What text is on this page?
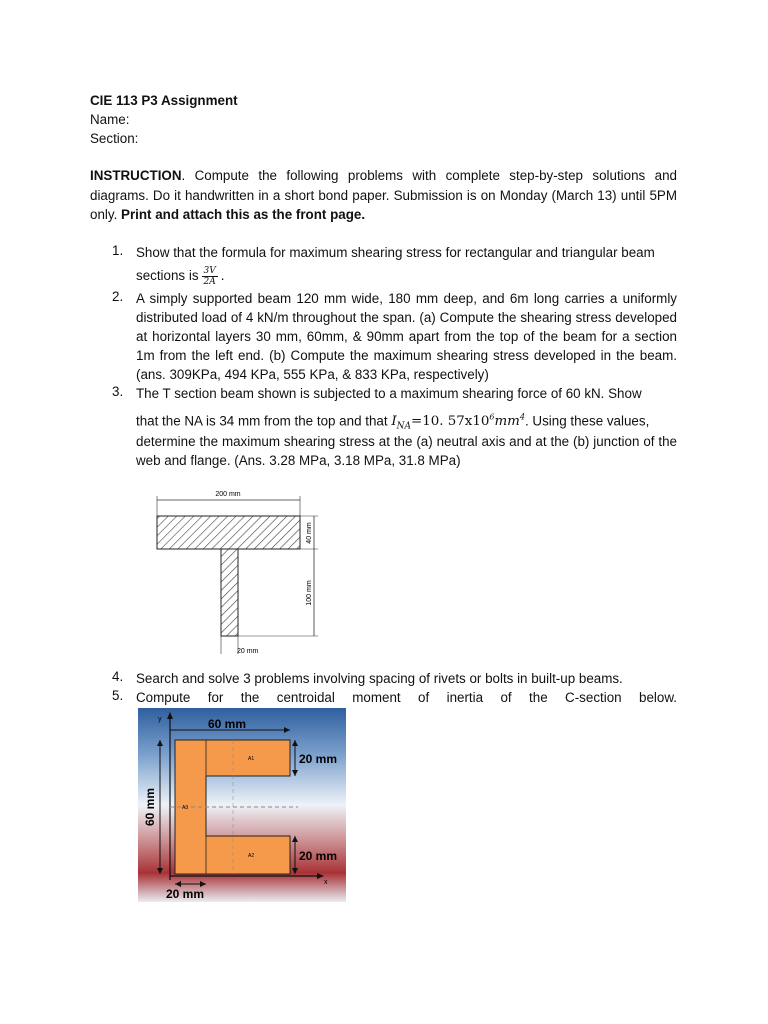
CIE 113 P3 Assignment
Name:
Section:
INSTRUCTION. Compute the following problems with complete step-by-step solutions and diagrams. Do it handwritten in a short bond paper. Submission is on Monday (March 13) until 5PM only. Print and attach this as the front page.
1. Show that the formula for maximum shearing stress for rectangular and triangular beam
sections is $\frac{3V}{2A}$ .
2. A simply supported beam 120 mm wide, 180 mm deep, and 6m long carries a uniformly distributed load of 4 kN/m throughout the span. (a) Compute the shearing stress developed at horizontal layers 30 mm, 60mm, & 90mm apart from the top of the beam for a section 1m from the left end. (b) Compute the maximum shearing stress developed in the beam. (ans. 309KPa, 494 KPa, 555 KPa, & 833 KPa, respectively)
3. The T section beam shown is subjected to a maximum shearing force of 60 kN. Show
that the NA is 34 mm from the top and that $I_{NA}=10$. $57x10^6mm^4$. Using these values,
determine the maximum shearing stress at the (a) neutral axis and at the (b) junction of the web and flange. (Ans. 3.28 MPa, 3.18 MPa, 31.8 MPa)
200 mm
40 mm
100 mm
20 mm
4. Search and solve 3 problems involving spacing of rivets or bolts in built-up beams.
5. Compute for the centroidal moment of inertia of the C-section below.
y
x
A1
A2
A3
60 mm
20 mm
20 mm
60 mm
20 mm
